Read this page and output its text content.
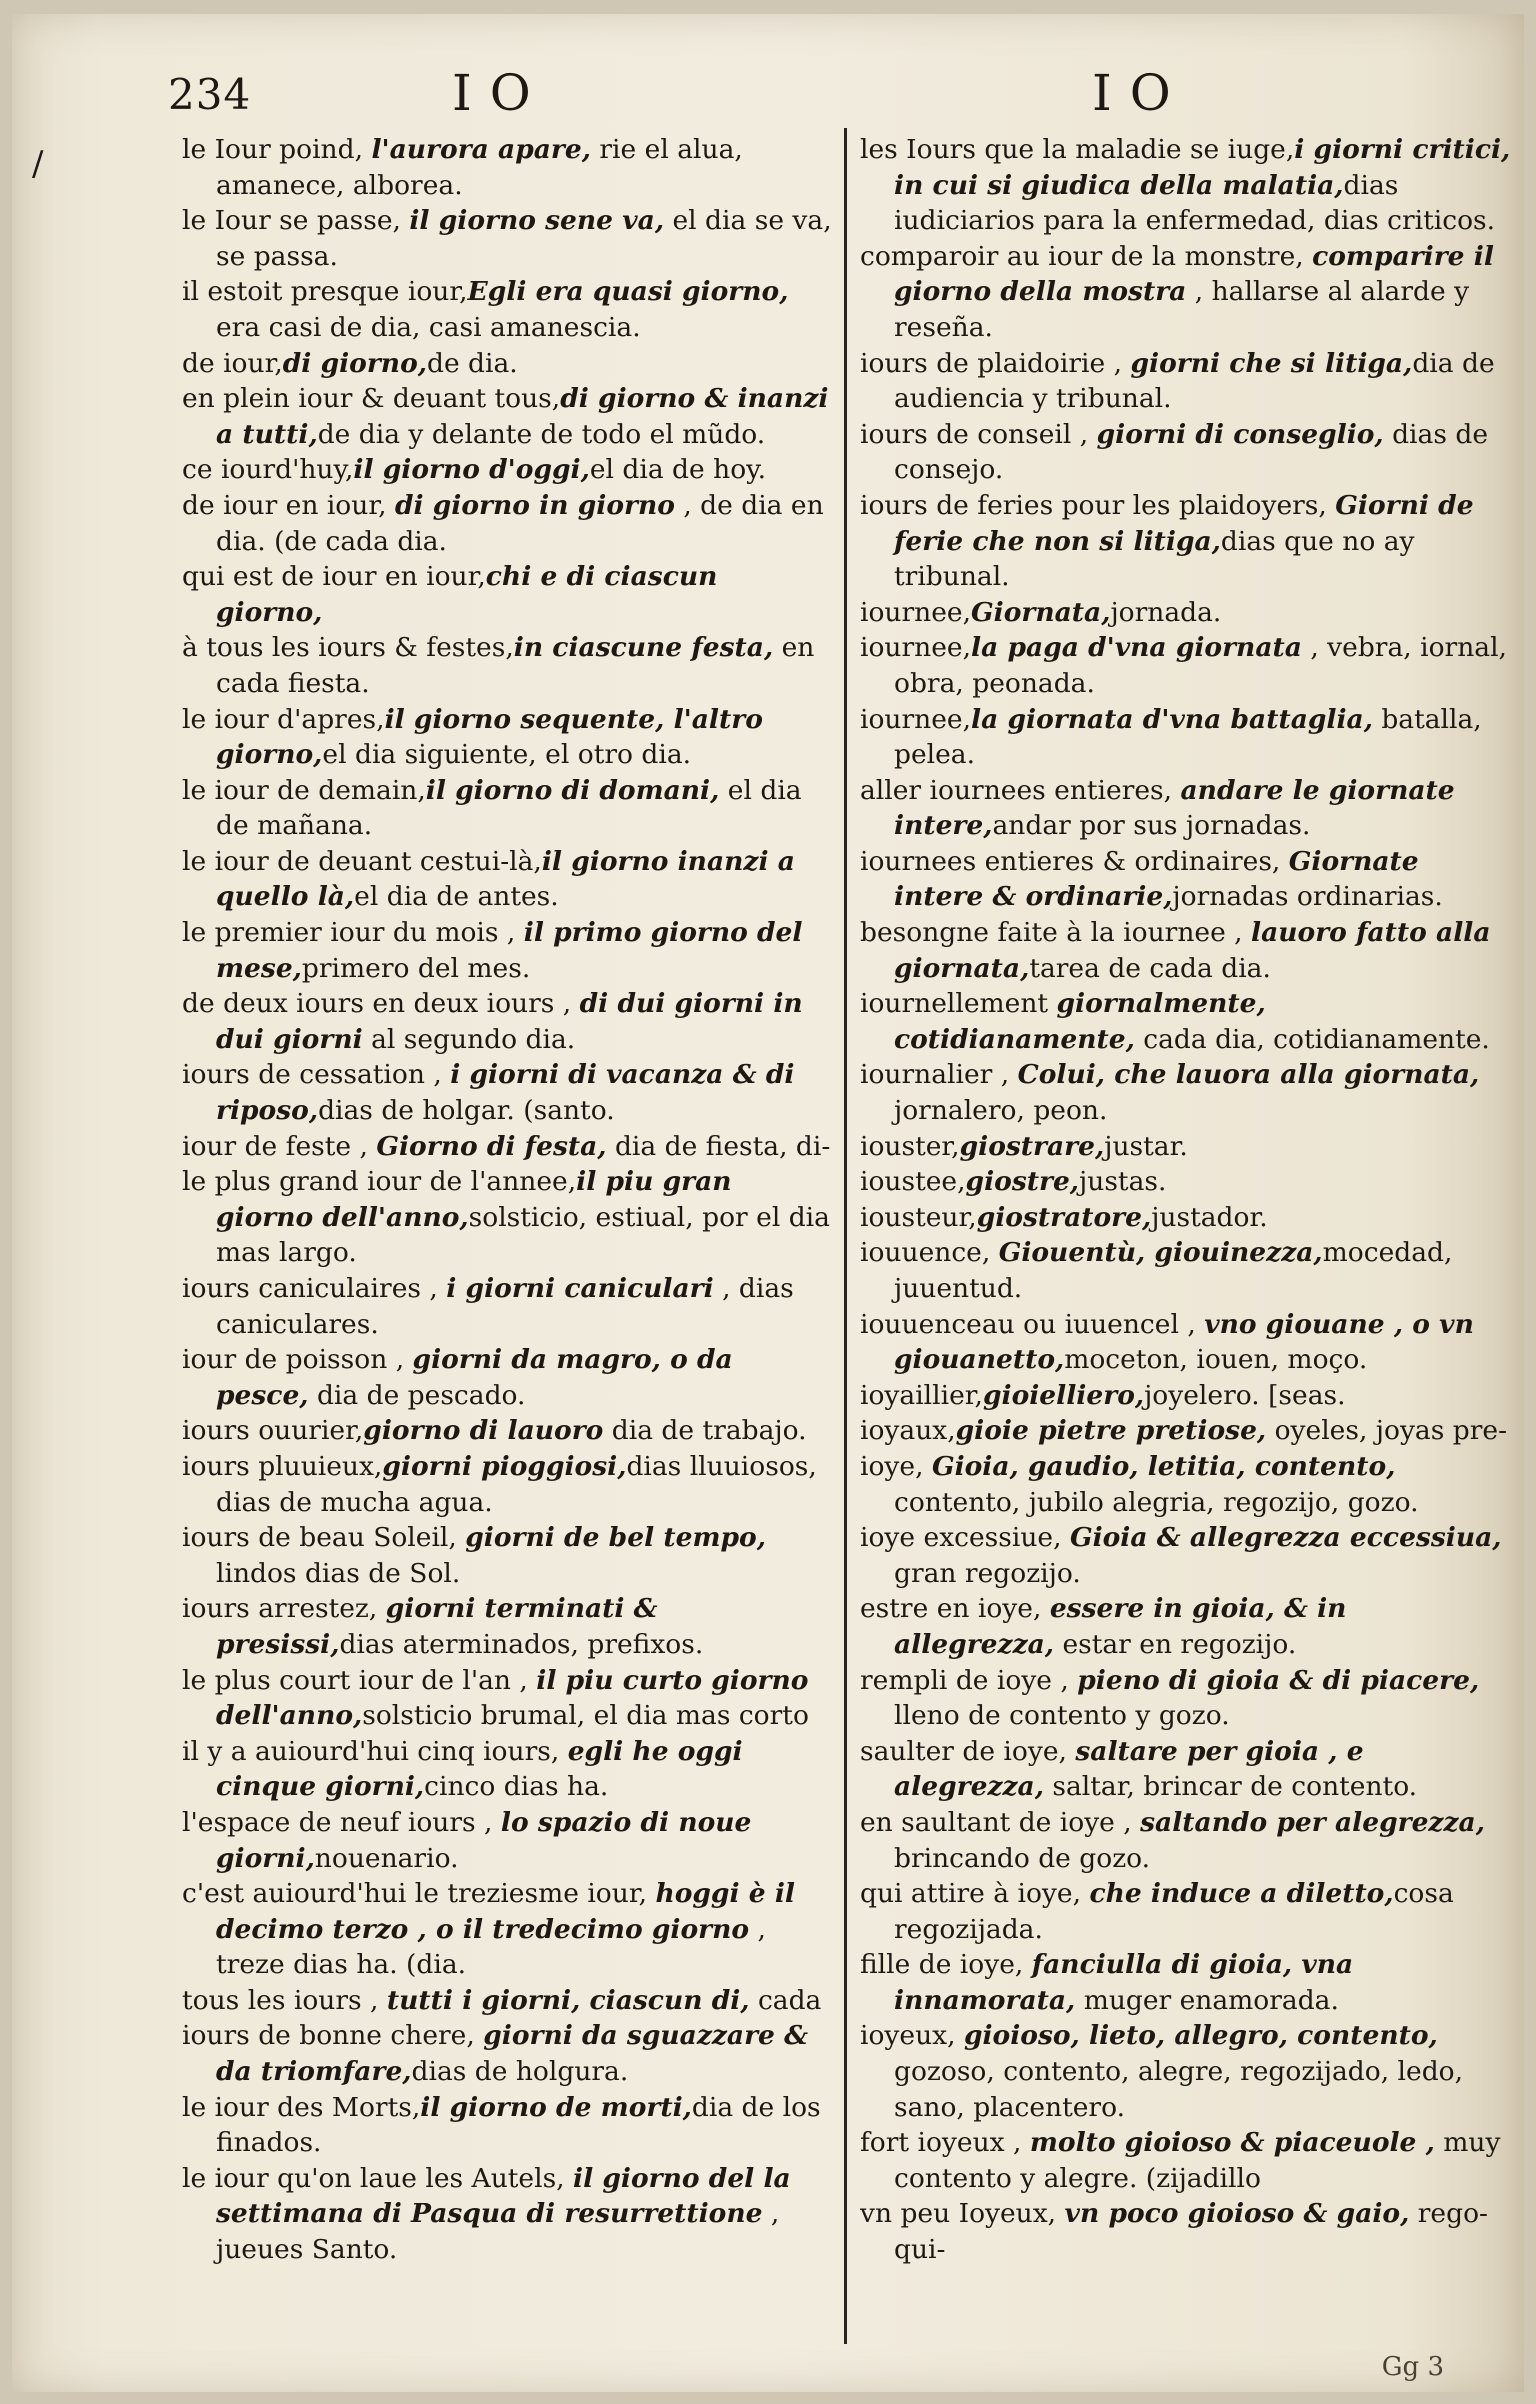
/
234	IO	IO
le Iour poind, l'aurora apare, rie el alua, amanece, alborea.
le Iour se passe, il giorno sene va, el dia se va, se passa.
il estoit presque iour,Egli era quasi giorno, era casi de dia, casi amanescia.
de iour,di giorno,de dia.
en plein iour & deuant tous,di giorno & inanzi a tutti,de dia y delante de todo el mũdo.
ce iourd'huy,il giorno d'oggi,el dia de hoy.
de iour en iour, di giorno in giorno , de dia en dia. (de cada dia.
qui est de iour en iour,chi e di ciascun giorno,
à tous les iours & festes,in ciascune festa, en cada fiesta.
le iour d'apres,il giorno sequente, l'altro giorno,el dia siguiente, el otro dia.
le iour de demain,il giorno di domani, el dia de mañana.
le iour de deuant cestui-là,il giorno inanzi a quello là,el dia de antes.
le premier iour du mois , il primo giorno del mese,primero del mes.
de deux iours en deux iours , di dui giorni in dui giorni al segundo dia.
iours de cessation , i giorni di vacanza & di riposo,dias de holgar. (santo.
iour de feste , Giorno di festa, dia de fiesta, di-
le plus grand iour de l'annee,il piu gran giorno dell'anno,solsticio, estiual, por el dia mas largo.
iours caniculaires , i giorni caniculari , dias caniculares.
iour de poisson , giorni da magro, o da pesce, dia de pescado.
iours ouurier,giorno di lauoro dia de trabajo.
iours pluuieux,giorni pioggiosi,dias lluuiosos, dias de mucha agua.
iours de beau Soleil, giorni de bel tempo, lindos dias de Sol.
iours arrestez, giorni terminati & presissi,dias aterminados, prefixos.
le plus court iour de l'an , il piu curto giorno dell'anno,solsticio brumal, el dia mas corto
il y a auiourd'hui cinq iours, egli he oggi cinque giorni,cinco dias ha.
l'espace de neuf iours , lo spazio di noue giorni,nouenario.
c'est auiourd'hui le treziesme iour, hoggi è il decimo terzo , o il tredecimo giorno , treze dias ha. (dia.
tous les iours , tutti i giorni, ciascun di, cada
iours de bonne chere, giorni da sguazzare & da triomfare,dias de holgura.
le iour des Morts,il giorno de morti,dia de los finados.
le iour qu'on laue les Autels, il giorno del la settimana di Pasqua di resurrettione , jueues Santo.
les Iours que la maladie se iuge,i giorni critici, in cui si giudica della malatia,dias iudiciarios para la enfermedad, dias criticos.
comparoir au iour de la monstre, comparire il giorno della mostra , hallarse al alarde y reseña.
iours de plaidoirie , giorni che si litiga,dia de audiencia y tribunal.
iours de conseil , giorni di conseglio, dias de consejo.
iours de feries pour les plaidoyers, Giorni de ferie che non si litiga,dias que no ay tribunal.
iournee,Giornata,jornada.
iournee,la paga d'vna giornata , vebra, iornal, obra, peonada.
iournee,la giornata d'vna battaglia, batalla, pelea.
aller iournees entieres, andare le giornate intere,andar por sus jornadas.
iournees entieres & ordinaires, Giornate intere & ordinarie,jornadas ordinarias.
besongne faite à la iournee , lauoro fatto alla giornata,tarea de cada dia.
iournellement giornalmente, cotidianamente, cada dia, cotidianamente.
iournalier , Colui, che lauora alla giornata, jornalero, peon.
iouster,giostrare,justar.
ioustee,giostre,justas.
iousteur,giostratore,justador.
iouuence, Giouentù, giouinezza,mocedad, juuentud.
iouuenceau ou iuuencel , vno giouane , o vn giouanetto,moceton, iouen, moço.
ioyaillier,gioielliero,joyelero. [seas.
ioyaux,gioie pietre pretiose, oyeles, joyas pre-
ioye, Gioia, gaudio, letitia, contento, contento, jubilo alegria, regozijo, gozo.
ioye excessiue, Gioia & allegrezza eccessiua, gran regozijo.
estre en ioye, essere in gioia, & in allegrezza, estar en regozijo.
rempli de ioye , pieno di gioia & di piacere, lleno de contento y gozo.
saulter de ioye, saltare per gioia , e alegrezza, saltar, brincar de contento.
en saultant de ioye , saltando per alegrezza, brincando de gozo.
qui attire à ioye, che induce a diletto,cosa regozijada.
fille de ioye, fanciulla di gioia, vna innamorata, muger enamorada.
ioyeux, gioioso, lieto, allegro, contento, gozoso, contento, alegre, regozijado, ledo, sano, placentero.
fort ioyeux , molto gioioso & piaceuole , muy contento y alegre. (zijadillo
vn peu Ioyeux, vn poco gioioso & gaio, rego- qui-
Gg 3
